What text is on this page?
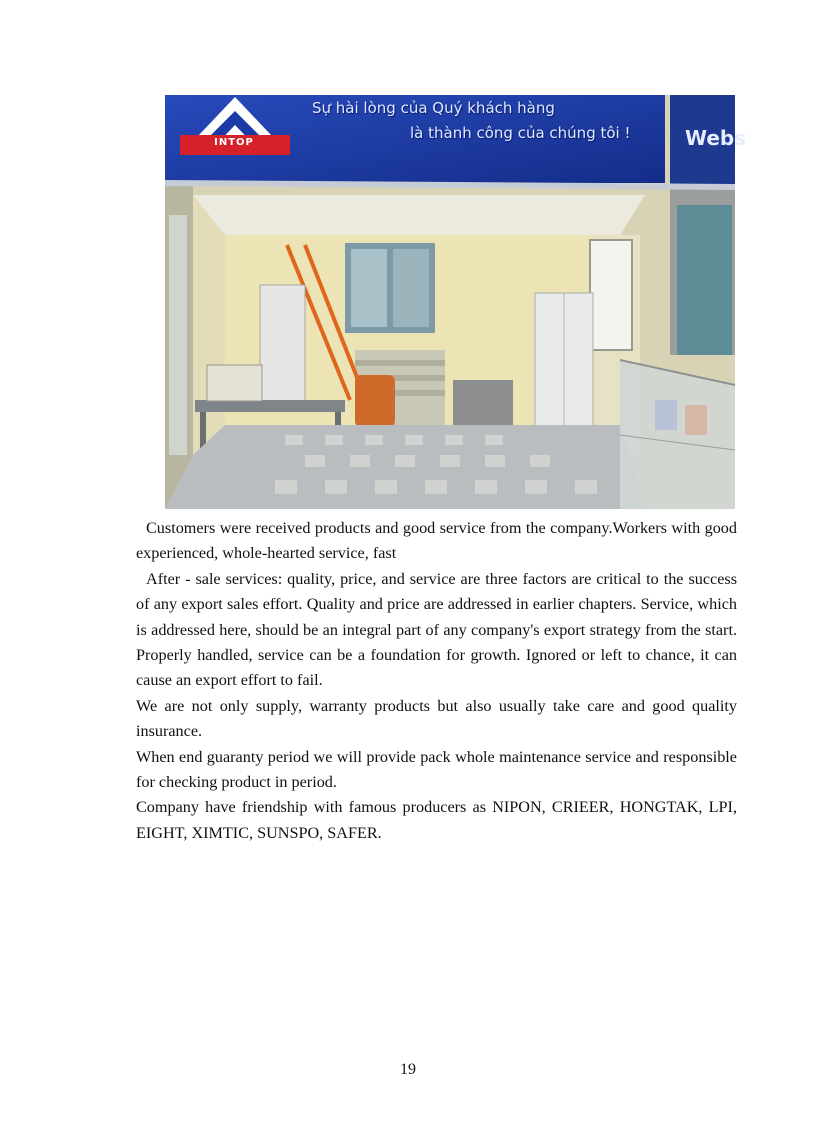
Webs
INTOP
Sự hài lòng của Quý khách hàng
là thành công của chúng tôi !

Customers were received products and good service from the company.Workers with good experienced, whole-hearted service, fast

After - sale services: quality, price, and service are three factors are critical to the success of any export sales effort. Quality and price are addressed in earlier chapters. Service, which is addressed here, should be an integral part of any company's export strategy from the start. Properly handled, service can be a foundation for growth. Ignored or left to chance, it can cause an export effort to fail.

We are not only supply, warranty products but also usually take care and good quality insurance.

When end guaranty period we will provide pack whole maintenance service and responsible for checking product in period.

Company have friendship with famous producers as NIPON, CRIEER, HONGTAK, LPI, EIGHT, XIMTIC, SUNSPO, SAFER.

19
